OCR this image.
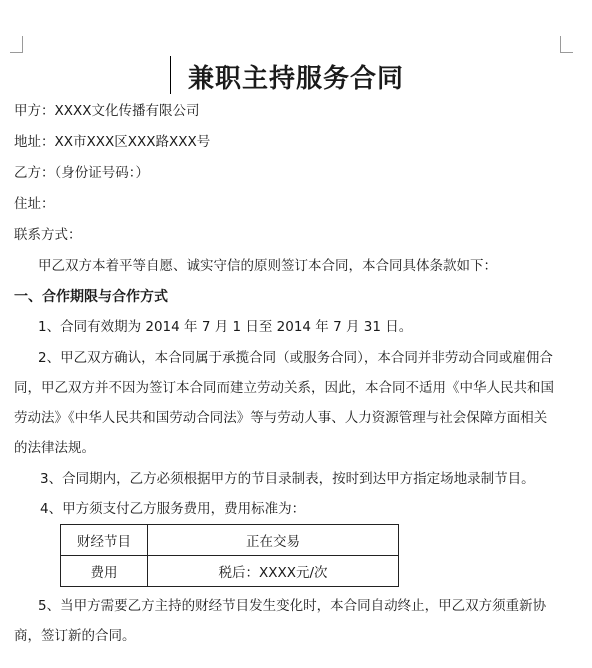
兼职主持服务合同
甲方：XXXX文化传播有限公司
地址：XX市XXX区XXX路XXX号
乙方：（身份证号码：）
住址：
联系方式：
甲乙双方本着平等自愿、诚实守信的原则签订本合同，本合同具体条款如下：
一、合作期限与合作方式
1、合同有效期为 2014 年 7 月 1 日至 2014 年 7 月 31 日。
2、甲乙双方确认，本合同属于承揽合同（或服务合同），本合同并非劳动合同或雇佣合
同，甲乙双方并不因为签订本合同而建立劳动关系，因此，本合同不适用《中华人民共和国
劳动法》《中华人民共和国劳动合同法》等与劳动人事、人力资源管理与社会保障方面相关
的法律法规。
3、合同期内，乙方必须根据甲方的节目录制表，按时到达甲方指定场地录制节目。
4、甲方须支付乙方服务费用，费用标准为：
财经节目	正在交易
费用	税后：XXXX元/次
5、当甲方需要乙方主持的财经节目发生变化时，本合同自动终止，甲乙双方须重新协
商，签订新的合同。
